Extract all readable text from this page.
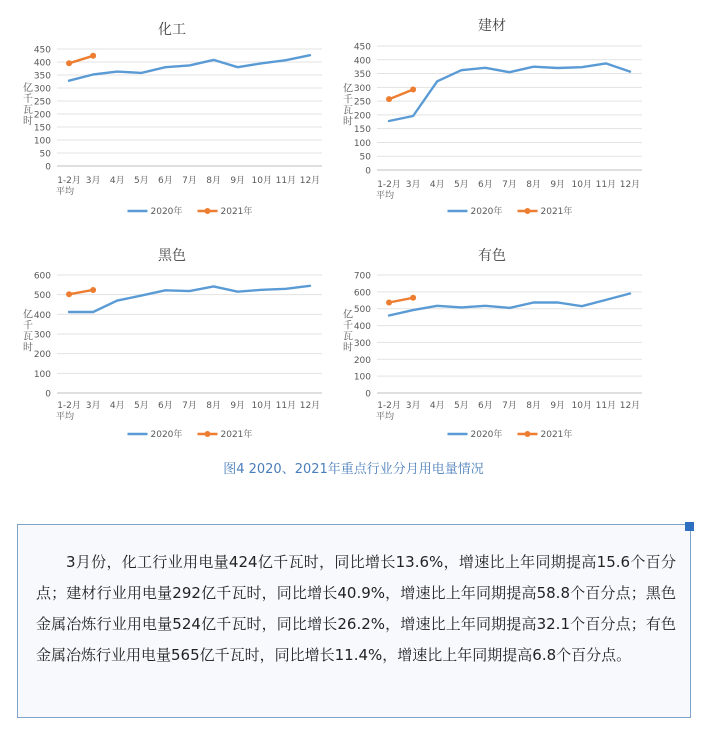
化工
0
50
100
150
200
250
300
350
400
450
亿千瓦时
1-2月
平均
3月 4月 5月 6月 7月 8月 9月 10月 11月 12月
2020年	2021年
建材
0
50
100
150
200
250
300
350
400
450
亿千瓦时
1-2月
平均
3月 4月 5月 6月 7月 8月 9月 10月 11月 12月
2020年	2021年
黑色
0
100
200
300
400
500
600
亿千瓦时
1-2月
平均
3月 4月 5月 6月 7月 8月 9月 10月 11月 12月
2020年	2021年
有色
0
100
200
300
400
500
600
700
亿千瓦时
1-2月
平均
3月 4月 5月 6月 7月 8月 9月 10月 11月 12月
2020年	2021年
图4 2020、2021年重点行业分月用电量情况
3月份，化工行业用电量424亿千瓦时，同比增长13.6%，增速比上年同期提高15.6个百分点；建材行业用电量292亿千瓦时，同比增长40.9%，增速比上年同期提高58.8个百分点；黑色金属冶炼行业用电量524亿千瓦时，同比增长26.2%，增速比上年同期提高32.1个百分点；有色金属冶炼行业用电量565亿千瓦时，同比增长11.4%，增速比上年同期提高6.8个百分点。
